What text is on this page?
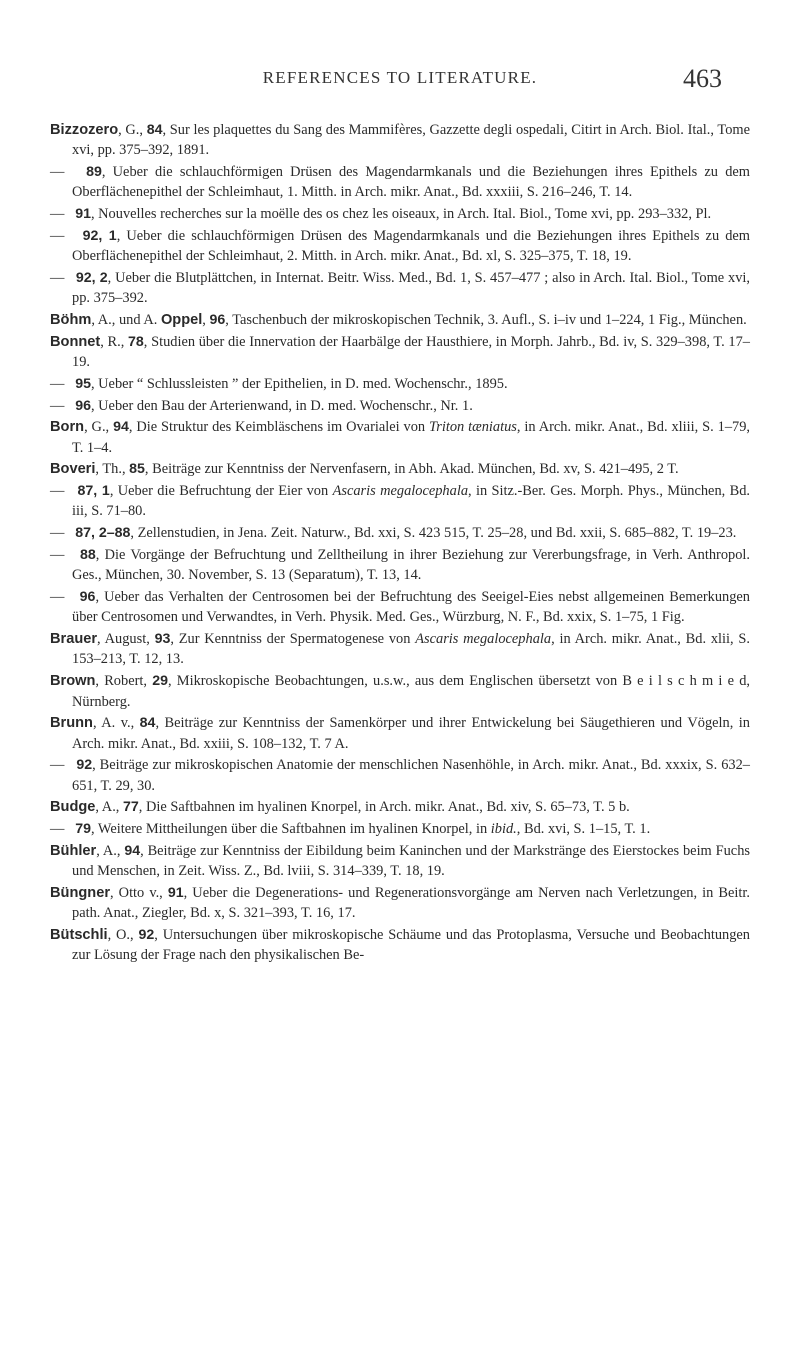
REFERENCES TO LITERATURE.	463
Bizzozero, G., 84, Sur les plaquettes du Sang des Mammifères, Gazzette degli ospedali, Citirt in Arch. Biol. Ital., Tome xvi, pp. 375–392, 1891.
— 89, Ueber die schlauchförmigen Drüsen des Magendarmkanals und die Beziehungen ihres Epithels zu dem Oberflächenepithel der Schleimhaut, 1. Mitth. in Arch. mikr. Anat., Bd. xxxiii, S. 216–246, T. 14.
— 91, Nouvelles recherches sur la moëlle des os chez les oiseaux, in Arch. Ital. Biol., Tome xvi, pp. 293–332, Pl.
— 92, 1, Ueber die schlauchförmigen Drüsen des Magendarmkanals und die Beziehungen ihres Epithels zu dem Oberflächenepithel der Schleimhaut, 2. Mitth. in Arch. mikr. Anat., Bd. xl, S. 325–375, T. 18, 19.
— 92, 2, Ueber die Blutplättchen, in Internat. Beitr. Wiss. Med., Bd. 1, S. 457–477 ; also in Arch. Ital. Biol., Tome xvi, pp. 375–392.
Böhm, A., und A. Oppel, 96, Taschenbuch der mikroskopischen Technik, 3. Aufl., S. i–iv und 1–224, 1 Fig., München.
Bonnet, R., 78, Studien über die Innervation der Haarbälge der Hausthiere, in Morph. Jahrb., Bd. iv, S. 329–398, T. 17–19.
— 95, Ueber “ Schlussleisten ” der Epithelien, in D. med. Wochenschr., 1895.
— 96, Ueber den Bau der Arterienwand, in D. med. Wochenschr., Nr. 1.
Born, G., 94, Die Struktur des Keimbläschens im Ovarialei von Triton tæniatus, in Arch. mikr. Anat., Bd. xliii, S. 1–79, T. 1–4.
Boveri, Th., 85, Beiträge zur Kenntniss der Nervenfasern, in Abh. Akad. München, Bd. xv, S. 421–495, 2 T.
— 87, 1, Ueber die Befruchtung der Eier von Ascaris megalocephala, in Sitz.-Ber. Ges. Morph. Phys., München, Bd. iii, S. 71–80.
— 87, 2–88, Zellenstudien, in Jena. Zeit. Naturw., Bd. xxi, S. 423 515, T. 25–28, und Bd. xxii, S. 685–882, T. 19–23.
— 88, Die Vorgänge der Befruchtung und Zelltheilung in ihrer Beziehung zur Vererbungsfrage, in Verh. Anthropol. Ges., München, 30. November, S. 13 (Separatum), T. 13, 14.
— 96, Ueber das Verhalten der Centrosomen bei der Befruchtung des Seeigel-Eies nebst allgemeinen Bemerkungen über Centrosomen und Verwandtes, in Verh. Physik. Med. Ges., Würzburg, N. F., Bd. xxix, S. 1–75, 1 Fig.
Brauer, August, 93, Zur Kenntniss der Spermatogenese von Ascaris megalocephala, in Arch. mikr. Anat., Bd. xlii, S. 153–213, T. 12, 13.
Brown, Robert, 29, Mikroskopische Beobachtungen, u.s.w., aus dem Englischen übersetzt von B e i l s c h m i e d, Nürnberg.
Brunn, A. v., 84, Beiträge zur Kenntniss der Samenkörper und ihrer Entwickelung bei Säugethieren und Vögeln, in Arch. mikr. Anat., Bd. xxiii, S. 108–132, T. 7 A.
— 92, Beiträge zur mikroskopischen Anatomie der menschlichen Nasenhöhle, in Arch. mikr. Anat., Bd. xxxix, S. 632–651, T. 29, 30.
Budge, A., 77, Die Saftbahnen im hyalinen Knorpel, in Arch. mikr. Anat., Bd. xiv, S. 65–73, T. 5 b.
— 79, Weitere Mittheilungen über die Saftbahnen im hyalinen Knorpel, in ibid., Bd. xvi, S. 1–15, T. 1.
Bühler, A., 94, Beiträge zur Kenntniss der Eibildung beim Kaninchen und der Markstränge des Eierstockes beim Fuchs und Menschen, in Zeit. Wiss. Z., Bd. lviii, S. 314–339, T. 18, 19.
Büngner, Otto v., 91, Ueber die Degenerations- und Regenerationsvorgänge am Nerven nach Verletzungen, in Beitr. path. Anat., Ziegler, Bd. x, S. 321–393, T. 16, 17.
Bütschli, O., 92, Untersuchungen über mikroskopische Schäume und das Protoplasma, Versuche und Beobachtungen zur Lösung der Frage nach den physikalischen Be-
